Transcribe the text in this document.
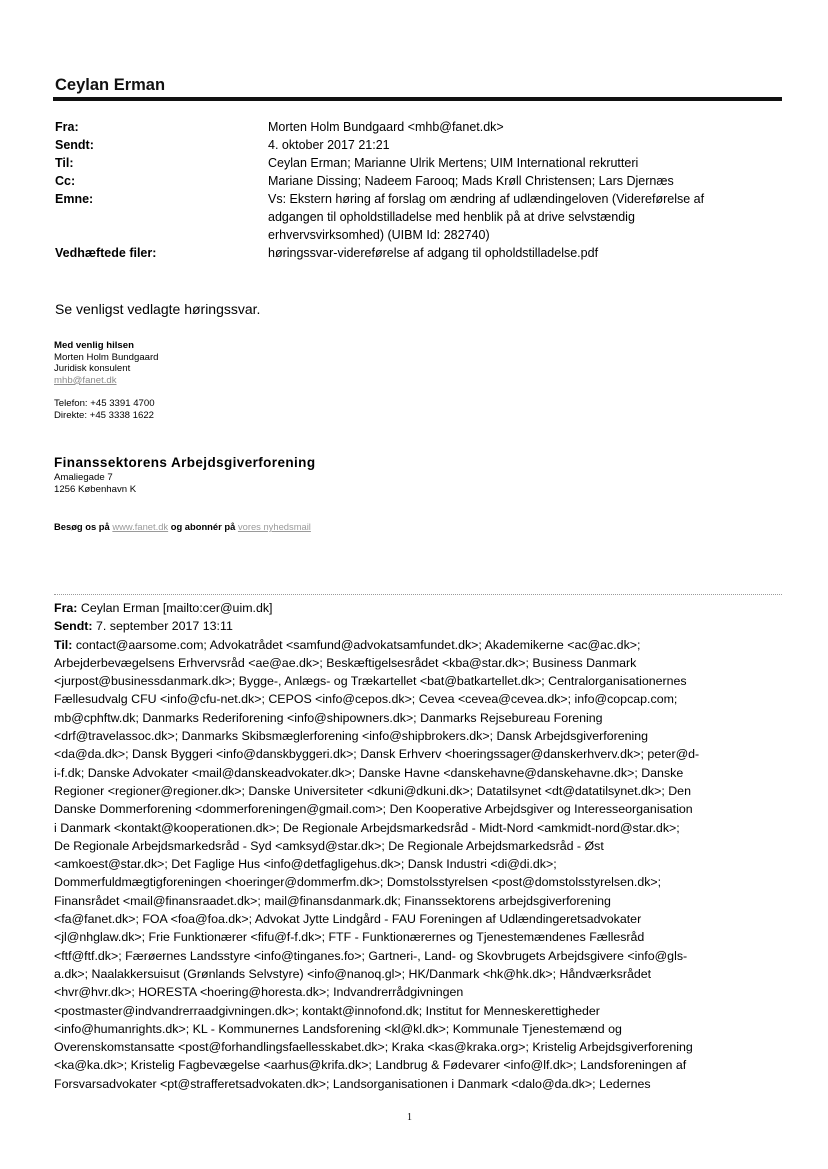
Ceylan Erman
Fra:	Morten Holm Bundgaard <mhb@fanet.dk>
Sendt:	4. oktober 2017 21:21
Til:	Ceylan Erman; Marianne Ulrik Mertens; UIM International rekrutteri
Cc:	Mariane Dissing; Nadeem Farooq; Mads Krøll Christensen; Lars Djernæs
Emne:	Vs: Ekstern høring af forslag om ændring af udlændingeloven (Videreførelse af adgangen til opholdstilladelse med henblik på at drive selvstændig erhvervsvirksomhed) (UIBM Id: 282740)
Vedhæftede filer:	høringssvar-videreførelse af adgang til opholdstilladelse.pdf
Se venligst vedlagte høringssvar.
Med venlig hilsen
Morten Holm Bundgaard
Juridisk konsulent
mhb@fanet.dk
Telefon: +45 3391 4700
Direkte: +45 3338 1622
Finanssektorens Arbejdsgiverforening
Amaliegade 7
1256 København K
Besøg os på www.fanet.dk og abonnér på vores nyhedsmail
Fra: Ceylan Erman [mailto:cer@uim.dk]
Sendt: 7. september 2017 13:11
Til: contact@aarsome.com; Advokatrådet <samfund@advokatsamfundet.dk>; Akademikerne <ac@ac.dk>;
Arbejderbevægelsens Erhvervsråd <ae@ae.dk>; Beskæftigelsesrådet <kba@star.dk>; Business Danmark
<jurpost@businessdanmark.dk>; Bygge-, Anlægs- og Trækartellet <bat@batkartellet.dk>; Centralorganisationernes
Fællesudvalg CFU <info@cfu-net.dk>; CEPOS <info@cepos.dk>; Cevea <cevea@cevea.dk>; info@copcap.com;
mb@cphftw.dk; Danmarks Rederiforening <info@shipowners.dk>; Danmarks Rejsebureau Forening
<drf@travelassoc.dk>; Danmarks Skibsmæglerforening <info@shipbrokers.dk>; Dansk Arbejdsgiverforening
<da@da.dk>; Dansk Byggeri <info@danskbyggeri.dk>; Dansk Erhverv <hoeringssager@danskerhverv.dk>; peter@d-
i-f.dk; Danske Advokater <mail@danskeadvokater.dk>; Danske Havne <danskehavne@danskehavne.dk>; Danske
Regioner <regioner@regioner.dk>; Danske Universiteter <dkuni@dkuni.dk>; Datatilsynet <dt@datatilsynet.dk>; Den
Danske Dommerforening <dommerforeningen@gmail.com>; Den Kooperative Arbejdsgiver og Interesseorganisation
i Danmark <kontakt@kooperationen.dk>; De Regionale Arbejdsmarkedsråd - Midt-Nord <amkmidt-nord@star.dk>;
De Regionale Arbejdsmarkedsråd - Syd <amksyd@star.dk>; De Regionale Arbejdsmarkedsråd - Øst
<amkoest@star.dk>; Det Faglige Hus <info@detfagligehus.dk>; Dansk Industri <di@di.dk>;
Dommerfuldmægtigforeningen <hoeringer@dommerfm.dk>; Domstolsstyrelsen <post@domstolsstyrelsen.dk>;
Finansrådet <mail@finansraadet.dk>; mail@finansdanmark.dk; Finanssektorens arbejdsgiverforening
<fa@fanet.dk>; FOA <foa@foa.dk>; Advokat Jytte Lindgård - FAU Foreningen af Udlændingeretsadvokater
<jl@nhglaw.dk>; Frie Funktionærer <fifu@f-f.dk>; FTF - Funktionærernes og Tjenestemændenes Fællesråd
<ftf@ftf.dk>; Færøernes Landsstyre <info@tinganes.fo>; Gartneri-, Land- og Skovbrugets Arbejdsgivere <info@gls-
a.dk>; Naalakkersuisut (Grønlands Selvstyre) <info@nanoq.gl>; HK/Danmark <hk@hk.dk>; Håndværksrådet
<hvr@hvr.dk>; HORESTA <hoering@horesta.dk>; Indvandrerrådgivningen
<postmaster@indvandrerraadgivningen.dk>; kontakt@innofond.dk; Institut for Menneskerettigheder
<info@humanrights.dk>; KL - Kommunernes Landsforening <kl@kl.dk>; Kommunale Tjenestemænd og
Overenskomstansatte <post@forhandlingsfaellesskabet.dk>; Kraka <kas@kraka.org>; Kristelig Arbejdsgiverforening
<ka@ka.dk>; Kristelig Fagbevægelse <aarhus@krifa.dk>; Landbrug & Fødevarer <info@lf.dk>; Landsforeningen af
Forsvarsadvokater <pt@strafferetsadvokaten.dk>; Landsorganisationen i Danmark <dalo@da.dk>; Ledernes
1
